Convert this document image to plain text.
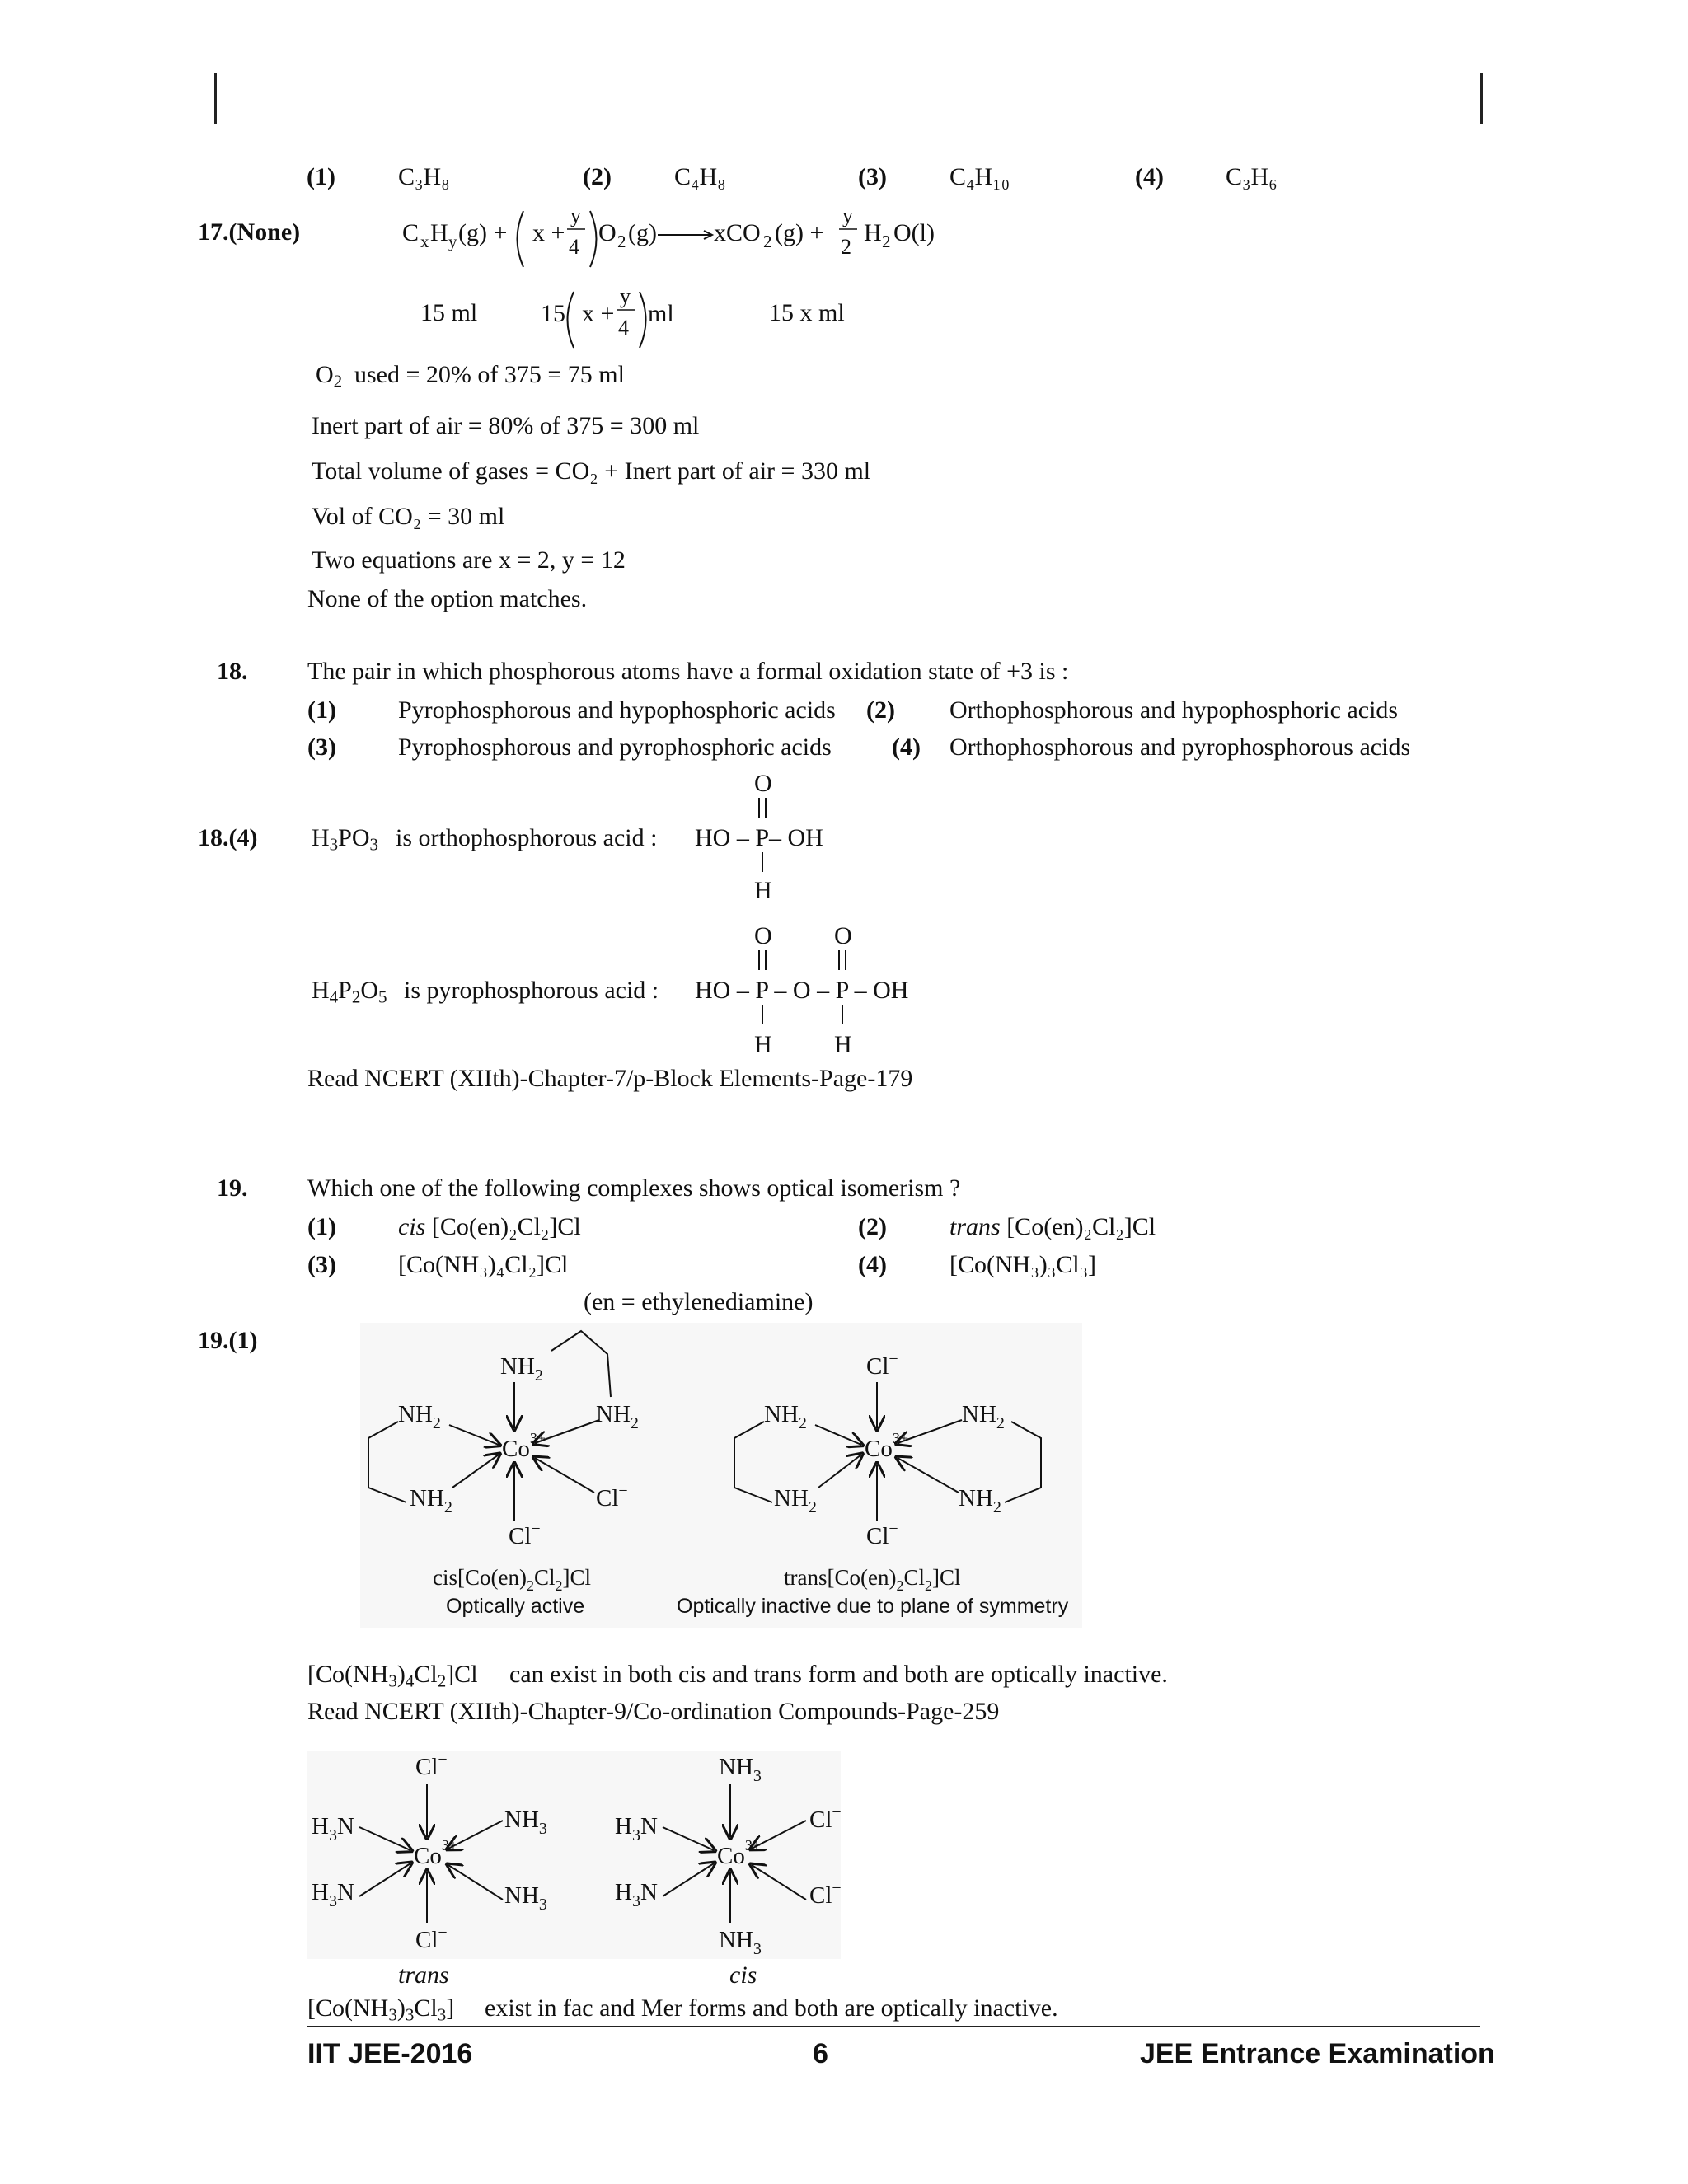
(1)	C₃H₈	(2)	C₄H₈	(3)	C₄H₁₀	(4)	C₃H₆
17.(None)	C x H y (g) + x +
y
4
O 2 (g) xCO 2 (g) +
y
2
H 2 O(l)
15 x +
y
4
ml
15 ml	15 x ml
$O_2$ used = 20% of 375 = 75 ml
Inert part of air = 80% of 375 = 300 ml
Total volume of gases = CO₂ + Inert part of air = 330 ml
Vol of CO₂ = 30 ml
Two equations are x = 2, y = 12
None of the option matches.
18. The pair in which phosphorous atoms have a formal oxidation state of +3 is :
(1)	Pyrophosphorous and hypophosphoric acids (2) Orthophosphorous and hypophosphoric acids
(3)	Pyrophosphorous and pyrophosphoric acids (4) Orthophosphorous and pyrophosphorous acids
18.(4) $H_3PO_3$ is orthophosphorous acid :
O
HO – P– OH
H
$H_4P_2O_5$ is pyrophosphorous acid :
O	O
HO – P – O – P – OH
H	H
Read NCERT (XIIth)-Chapter-7/p-Block Elements-Page-179
19. Which one of the following complexes shows optical isomerism ?
(1)	cis [Co(en)₂Cl₂]Cl	(2)	trans [Co(en)₂Cl₂]Cl
(3)	[Co(NH₃)₄Cl₂]Cl	(4)	[Co(NH₃)₃Cl₃]
(en = ethylenediamine)
19.(1)
$NH_2$
$NH_2$	$NH_2$
$Co^{3+}$
$NH_2$	Cl−
Cl−
Cl−
$NH_2$	$NH_2$
$Co^{3+}$
$NH_2$	$NH_2$
Cl−
$cis[Co(en)_2Cl_2]Cl$	$trans[Co(en)_2Cl_2]Cl$
Optically active	Optically inactive due to plane of symmetry
$[Co(NH_3)_4Cl_2]Cl$ can exist in both cis and trans form and both are optically inactive.
Read NCERT (XIIth)-Chapter-9/Co-ordination Compounds-Page-259
Cl−
$H_3N$	$NH_3$
$Co^{3+}$
$H_3N$	$NH_3$
Cl−
$NH_3$
$H_3N$	Cl−
$Co^{3+}$
$H_3N$	Cl−
$NH_3$
trans	cis
$[Co(NH_3)_3Cl_3]$ exist in fac and Mer forms and both are optically inactive.
IIT JEE-2016	6	JEE Entrance Examination
